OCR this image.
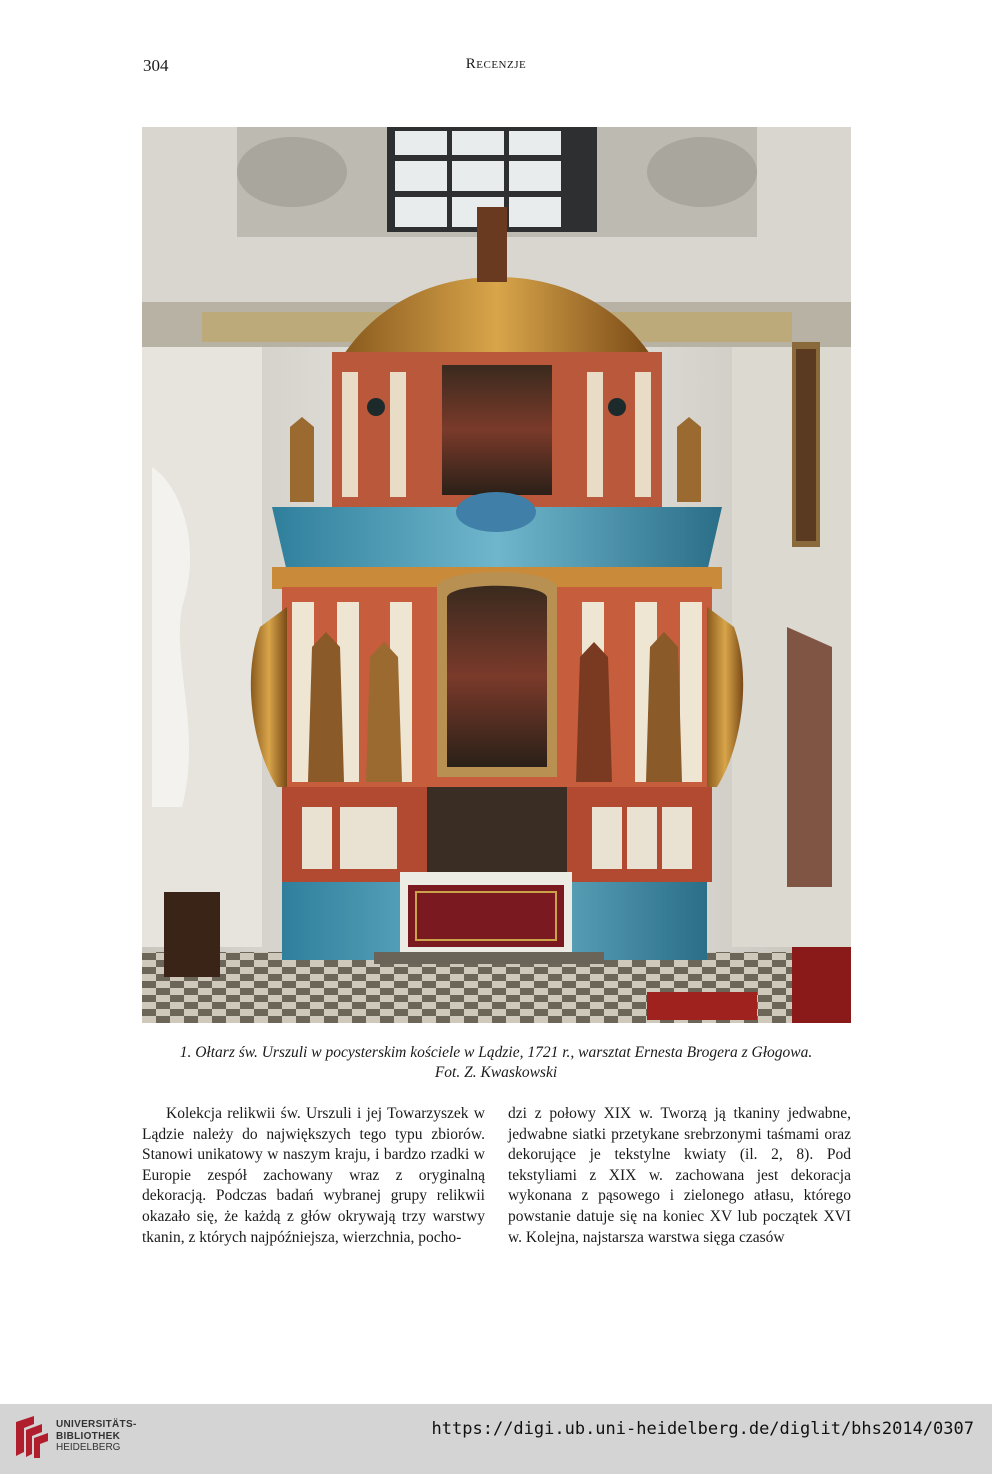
304	Recenzje
1. Ołtarz św. Urszuli w pocysterskim kościele w Lądzie, 1721 r., warsztat Ernesta Brogera z Głogowa.
Fot. Z. Kwaskowski

Kolekcja relikwii św. Urszuli i jej Towarzyszek w Lądzie należy do największych tego typu zbiorów. Stanowi unikatowy w naszym kraju, i bardzo rzadki w Europie zespół zachowany wraz z oryginalną dekoracją. Podczas badań wybranej grupy relikwii okazało się, że każdą z głów okrywają trzy warstwy tkanin, z których najpóźniejsza, wierzchnia, pocho-

dzi z połowy XIX w. Tworzą ją tkaniny jedwabne, jedwabne siatki przetykane srebrzonymi taśmami oraz dekorujące je tekstylne kwiaty (il. 2, 8). Pod tekstyliami z XIX w. zachowana jest dekoracja wykonana z pąsowego i zielonego atłasu, którego powstanie datuje się na koniec XV lub początek XVI w. Kolejna, najstarsza warstwa sięga czasów

UNIVERSITÄTS-
BIBLIOTHEK
HEIDELBERG
https://digi.ub.uni-heidelberg.de/diglit/bhs2014/0307
